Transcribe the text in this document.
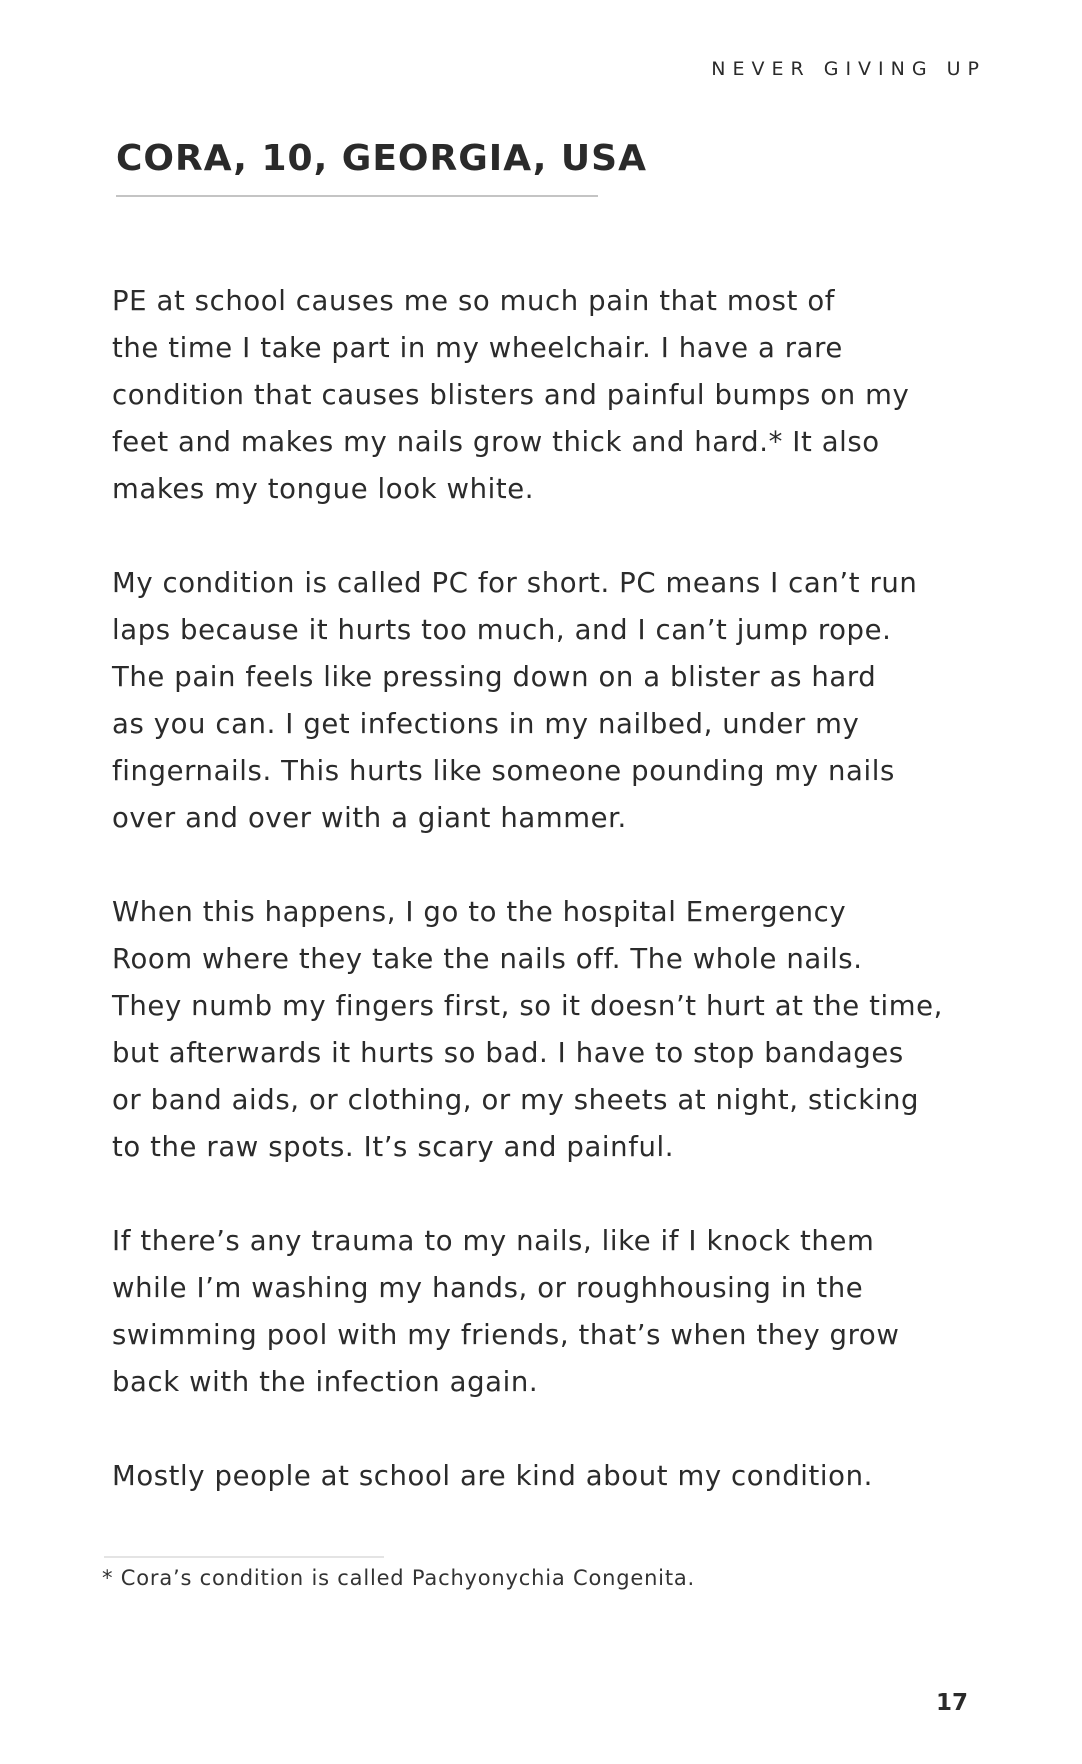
NEVER GIVING UP
CORA, 10, GEORGIA, USA

PE at school causes me so much pain that most of
the time I take part in my wheelchair. I have a rare
condition that causes blisters and painful bumps on my
feet and makes my nails grow thick and hard.* It also
makes my tongue look white.

My condition is called PC for short. PC means I can’t run
laps because it hurts too much, and I can’t jump rope.
The pain feels like pressing down on a blister as hard
as you can. I get infections in my nailbed, under my
fingernails. This hurts like someone pounding my nails
over and over with a giant hammer.

When this happens, I go to the hospital Emergency
Room where they take the nails off. The whole nails.
They numb my fingers first, so it doesn’t hurt at the time,
but afterwards it hurts so bad. I have to stop bandages
or band aids, or clothing, or my sheets at night, sticking
to the raw spots. It’s scary and painful.

If there’s any trauma to my nails, like if I knock them
while I’m washing my hands, or roughhousing in the
swimming pool with my friends, that’s when they grow
back with the infection again.

Mostly people at school are kind about my condition.

* Cora’s condition is called Pachyonychia Congenita.
17
